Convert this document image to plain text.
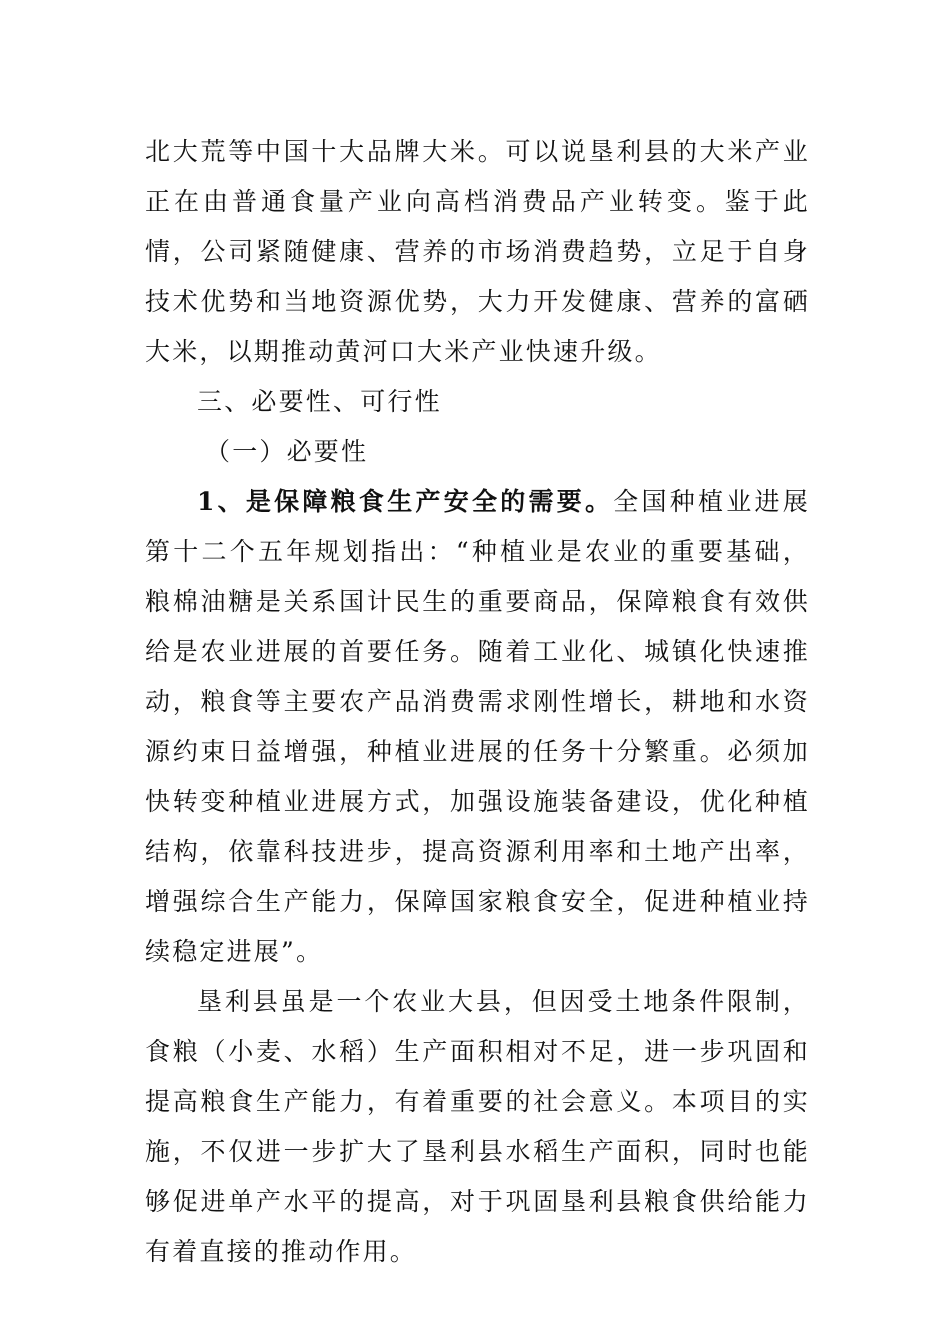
北大荒等中国十大品牌大米。可以说垦利县的大米产业正在由普通食量产业向高档消费品产业转变。鉴于此情，公司紧随健康、营养的市场消费趋势，立足于自身技术优势和当地资源优势，大力开发健康、营养的富硒大米，以期推动黄河口大米产业快速升级。

三、必要性、可行性

（一）必要性

1、是保障粮食生产安全的需要。全国种植业进展第十二个五年规划指出：“种植业是农业的重要基础，粮棉油糖是关系国计民生的重要商品，保障粮食有效供给是农业进展的首要任务。随着工业化、城镇化快速推动，粮食等主要农产品消费需求刚性增长，耕地和水资源约束日益增强，种植业进展的任务十分繁重。必须加快转变种植业进展方式，加强设施装备建设，优化种植结构，依靠科技进步，提高资源利用率和土地产出率，增强综合生产能力，保障国家粮食安全，促进种植业持续稳定进展”。

垦利县虽是一个农业大县，但因受土地条件限制，食粮（小麦、水稻）生产面积相对不足，进一步巩固和提高粮食生产能力，有着重要的社会意义。本项目的实施，不仅进一步扩大了垦利县水稻生产面积，同时也能够促进单产水平的提高，对于巩固垦利县粮食供给能力有着直接的推动作用。
